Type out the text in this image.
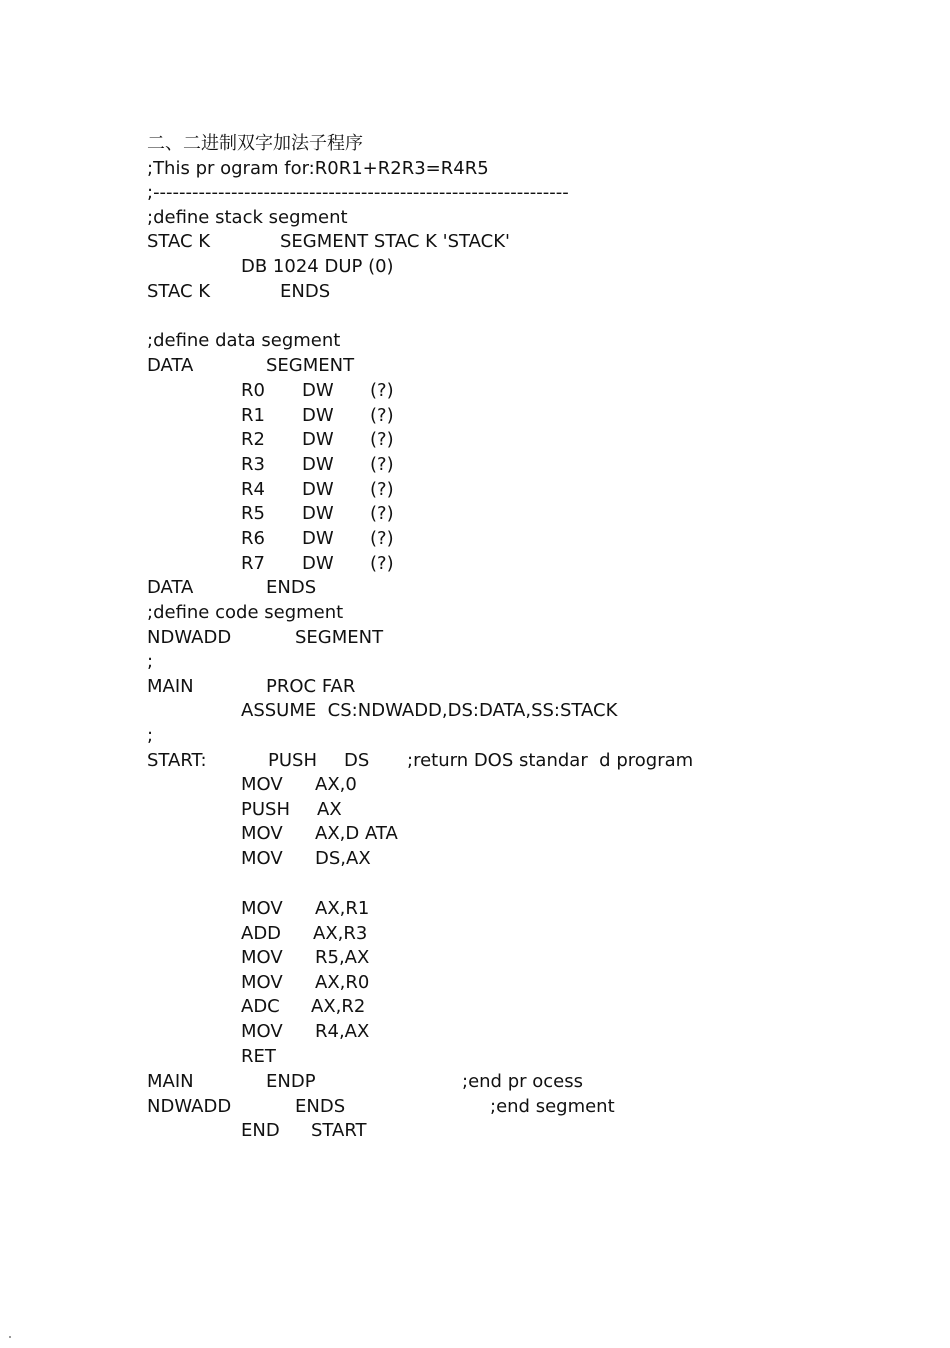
二、二进制双字加法子程序

;This pr ogram for:R0R1+R2R3=R4R5
;----------------------------------------------------------------
;define stack segment
STAC K	SEGMENT STAC K 'STACK'
DB 1024 DUP (0)
STAC K	ENDS
;define data segment
DATA	SEGMENT
R0 DW (?)
R1 DW (?)
R2 DW (?)
R3 DW (?)
R4 DW (?)
R5 DW (?)
R6 DW (?)
R7 DW (?)
DATA	ENDS
;define code segment
NDWADD	SEGMENT
;
MAIN	PROC FAR
ASSUME  CS:NDWADD,DS:DATA,SS:STACK
;
START:	PUSH DS ;return DOS standar  d program
MOV AX,0
PUSH AX
MOV AX,D ATA
MOV DS,AX
MOV AX,R1
ADD AX,R3
MOV R5,AX
MOV AX,R0
ADC AX,R2
MOV R4,AX
RET
MAIN	ENDP	;end pr ocess
NDWADD	ENDS	;end segment
END START
